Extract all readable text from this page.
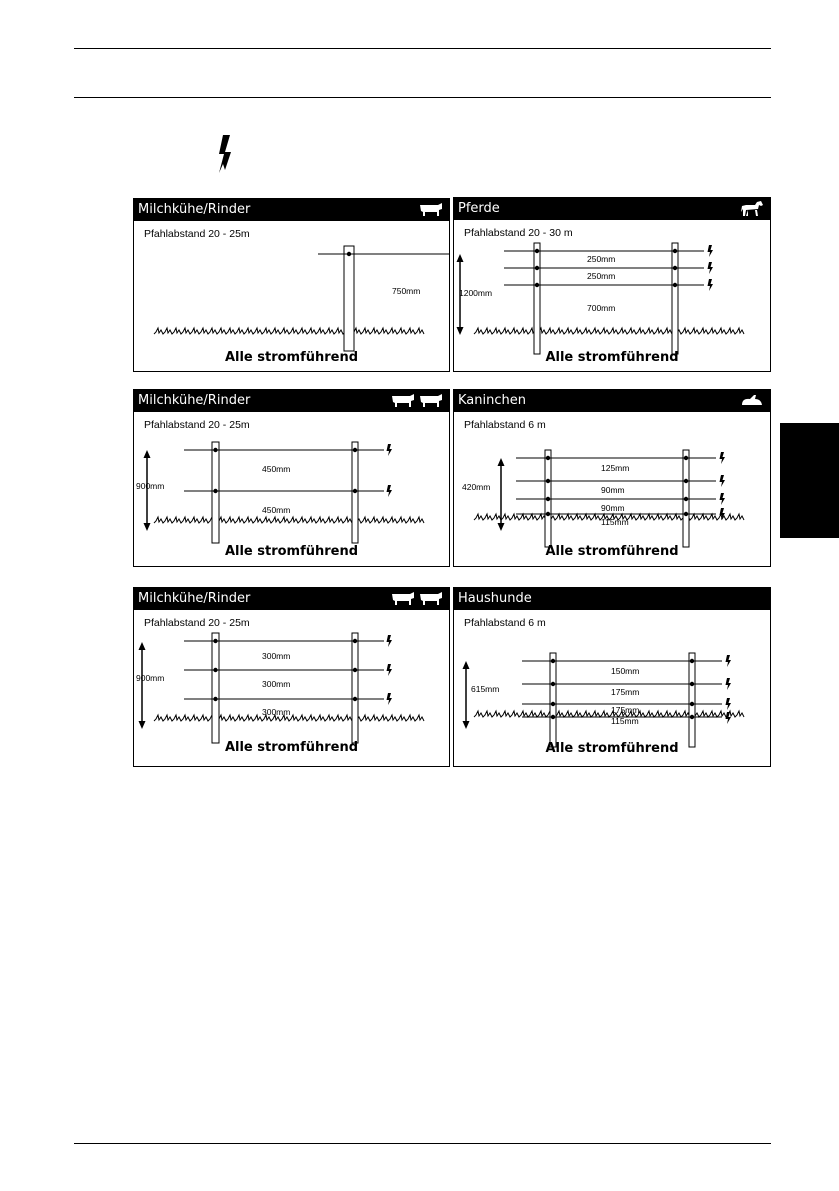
Milchkühe/Rinder
Pfahlabstand 20 - 25m
750mm
Alle stromführend
Pferde
Pfahlabstand 20 - 30 m
250mm
250mm
700mm
1200mm
Alle stromführend
Milchkühe/Rinder
Pfahlabstand 20 - 25m
450mm
450mm
900mm
Alle stromführend
Kaninchen
Pfahlabstand 6 m
125mm
90mm
90mm
115mm
420mm
Alle stromführend
Milchkühe/Rinder
Pfahlabstand 20 - 25m
300mm
300mm
300mm
900mm
Alle stromführend
Haushunde
Pfahlabstand 6 m
150mm
175mm
175mm
115mm
615mm
Alle stromführend
